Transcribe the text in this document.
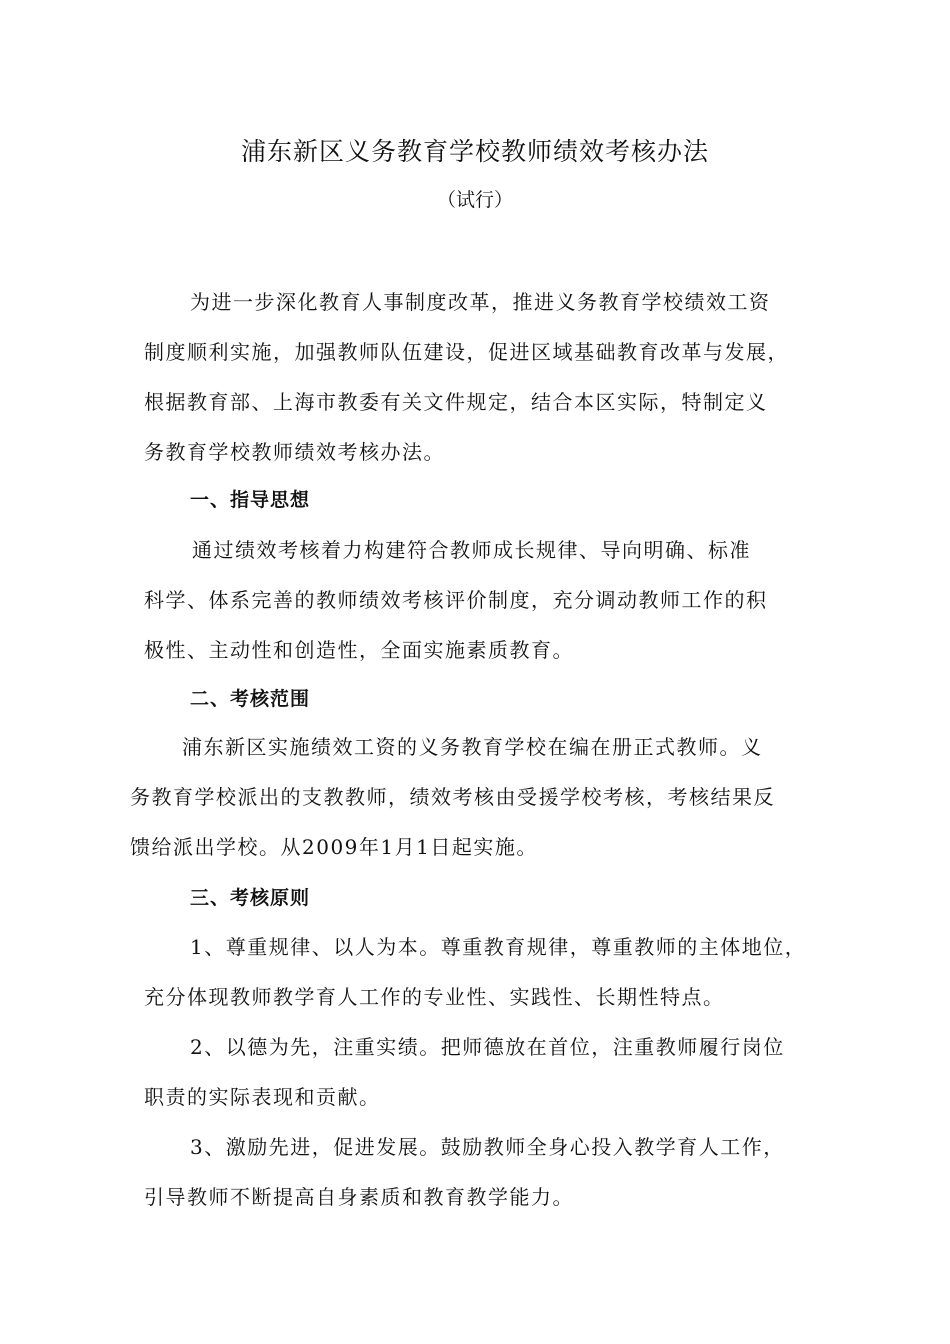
浦东新区义务教育学校教师绩效考核办法
（试行）
为进一步深化教育人事制度改革，推进义务教育学校绩效工资
制度顺利实施，加强教师队伍建设，促进区域基础教育改革与发展，
根据教育部、上海市教委有关文件规定，结合本区实际，特制定义
务教育学校教师绩效考核办法。
一、指导思想
通过绩效考核着力构建符合教师成长规律、导向明确、标准
科学、体系完善的教师绩效考核评价制度，充分调动教师工作的积
极性、主动性和创造性，全面实施素质教育。
二、考核范围
浦东新区实施绩效工资的义务教育学校在编在册正式教师。义
务教育学校派出的支教教师，绩效考核由受援学校考核，考核结果反
馈给派出学校。从2009年1月1日起实施。
三、考核原则
1、尊重规律、以人为本。尊重教育规律，尊重教师的主体地位，
充分体现教师教学育人工作的专业性、实践性、长期性特点。
2、以德为先，注重实绩。把师德放在首位，注重教师履行岗位
职责的实际表现和贡献。
3、激励先进，促进发展。鼓励教师全身心投入教学育人工作，
引导教师不断提高自身素质和教育教学能力。
